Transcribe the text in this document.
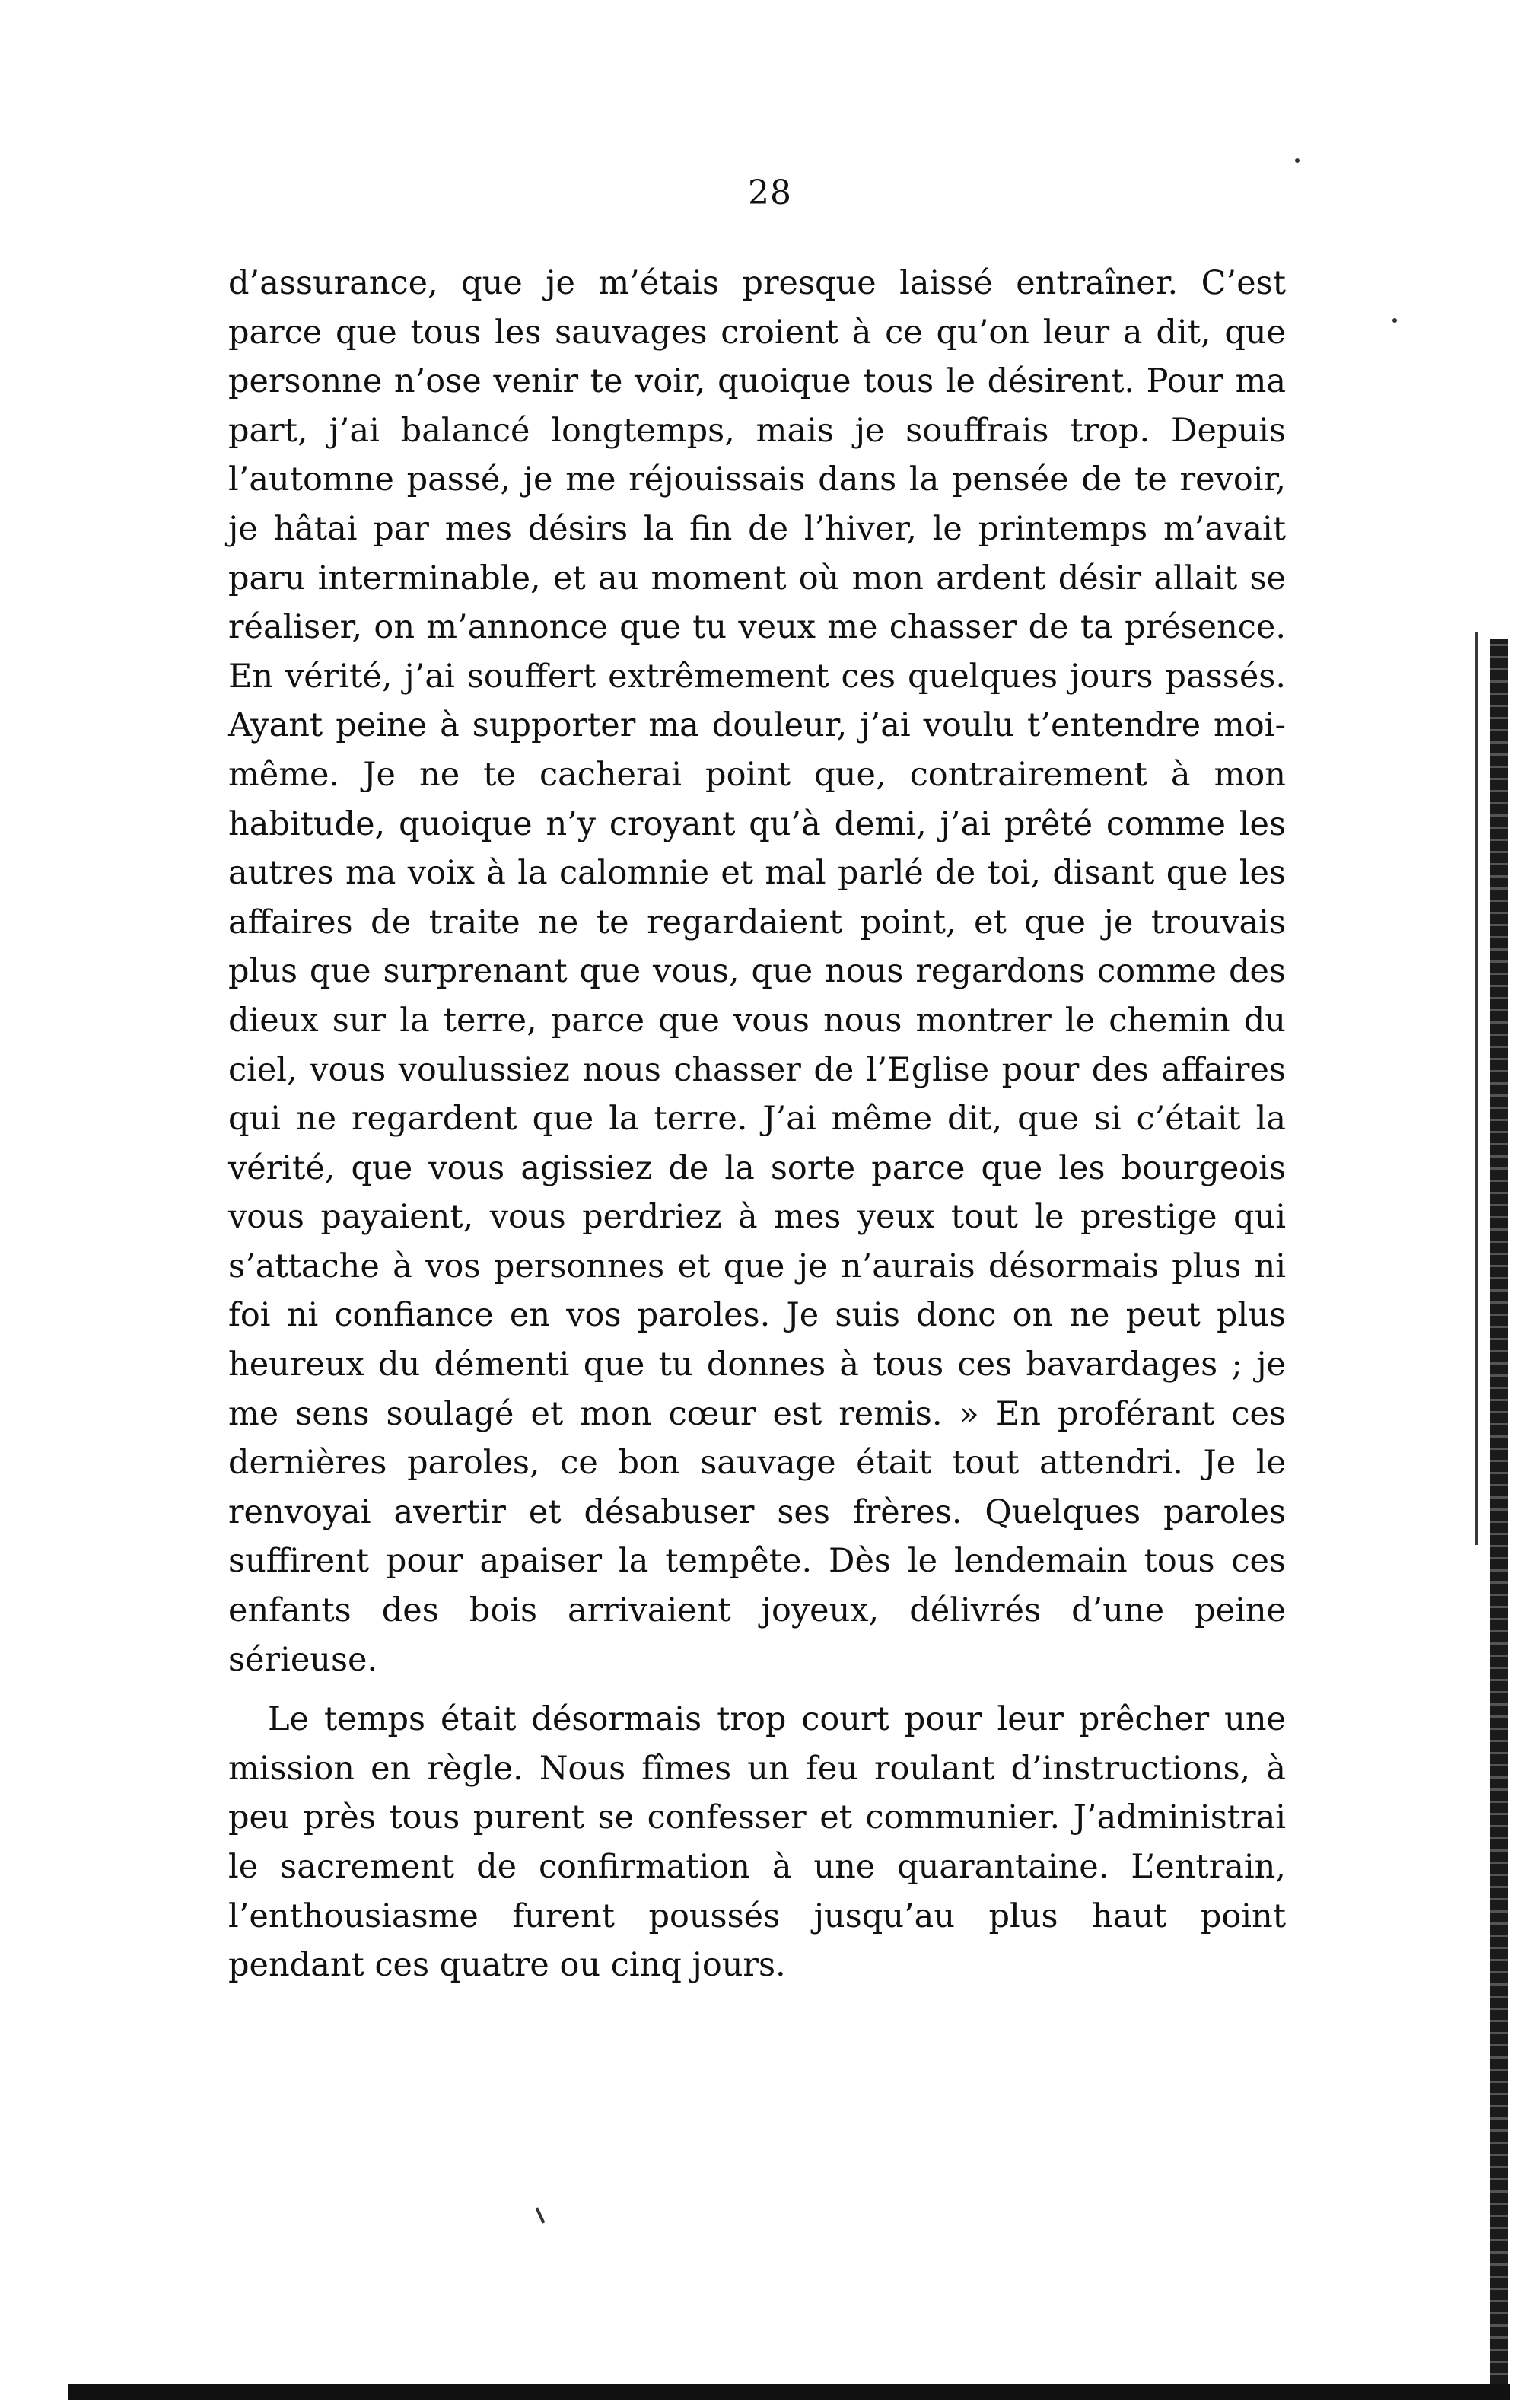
28

d’assurance, que je m’étais presque laissé entraîner. C’est parce que tous les sauvages croient à ce qu’on leur a dit, que personne n’ose venir te voir, quoique tous le désirent. Pour ma part, j’ai balancé longtemps, mais je souffrais trop. Depuis l’automne passé, je me réjouissais dans la pensée de te revoir, je hâtai par mes désirs la fin de l’hiver, le printemps m’avait paru interminable, et au moment où mon ardent désir allait se réaliser, on m’annonce que tu veux me chasser de ta présence. En vérité, j’ai souffert extrêmement ces quelques jours passés. Ayant peine à supporter ma douleur, j’ai voulu t’entendre moi-même. Je ne te cacherai point que, contrairement à mon habitude, quoique n’y croyant qu’à demi, j’ai prêté comme les autres ma voix à la calomnie et mal parlé de toi, disant que les affaires de traite ne te regardaient point, et que je trouvais plus que surprenant que vous, que nous regardons comme des dieux sur la terre, parce que vous nous montrer le chemin du ciel, vous voulussiez nous chasser de l’Eglise pour des affaires qui ne regardent que la terre. J’ai même dit, que si c’était la vérité, que vous agissiez de la sorte parce que les bourgeois vous payaient, vous perdriez à mes yeux tout le prestige qui s’attache à vos personnes et que je n’aurais désormais plus ni foi ni confiance en vos paroles. Je suis donc on ne peut plus heureux du démenti que tu donnes à tous ces bavardages ; je me sens soulagé et mon cœur est remis. » En proférant ces dernières paroles, ce bon sauvage était tout attendri. Je le renvoyai avertir et désabuser ses frères. Quelques paroles suffirent pour apaiser la tempête. Dès le lendemain tous ces enfants des bois arrivaient joyeux, délivrés d’une peine sérieuse.

Le temps était désormais trop court pour leur prêcher une mission en règle. Nous fîmes un feu roulant d’instructions, à peu près tous purent se confesser et communier. J’administrai le sacrement de confirmation à une quarantaine. L’entrain, l’enthousiasme furent poussés jusqu’au plus haut point pendant ces quatre ou cinq jours.
